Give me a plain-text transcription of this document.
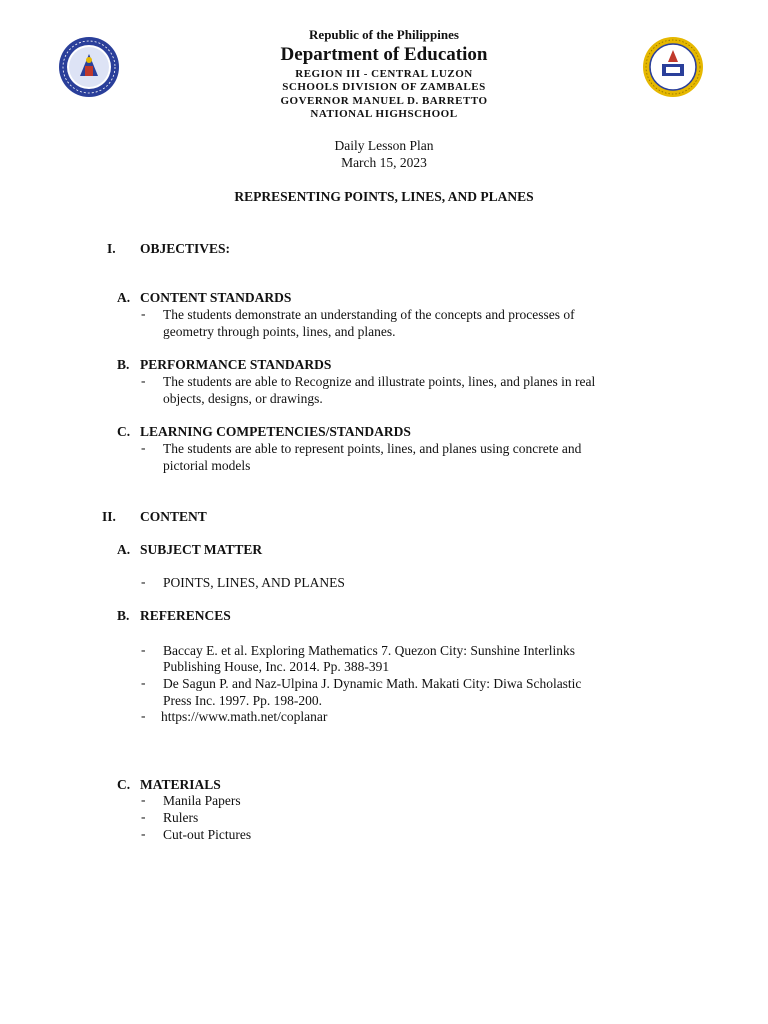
Republic of the Philippines
Department of Education
REGION III - CENTRAL LUZON
SCHOOLS DIVISION OF ZAMBALES
GOVERNOR MANUEL D. BARRETTO
NATIONAL HIGHSCHOOL
Daily Lesson Plan
March 15, 2023
REPRESENTING POINTS, LINES, AND PLANES
I. OBJECTIVES:
A. CONTENT STANDARDS
- The students demonstrate an understanding of the concepts and processes of
geometry through points, lines, and planes.
B. PERFORMANCE STANDARDS
- The students are able to Recognize and illustrate points, lines, and planes in real
objects, designs, or drawings.
C. LEARNING COMPETENCIES/STANDARDS
- The students are able to represent points, lines, and planes using concrete and
pictorial models
II. CONTENT
A. SUBJECT MATTER
- POINTS, LINES, AND PLANES
B. REFERENCES
- Baccay E. et al. Exploring Mathematics 7. Quezon City: Sunshine Interlinks
Publishing House, Inc. 2014. Pp. 388-391
- De Sagun P. and Naz-Ulpina J. Dynamic Math. Makati City: Diwa Scholastic
Press Inc. 1997. Pp. 198-200.
- https://www.math.net/coplanar
C. MATERIALS
- Manila Papers
- Rulers
- Cut-out Pictures
